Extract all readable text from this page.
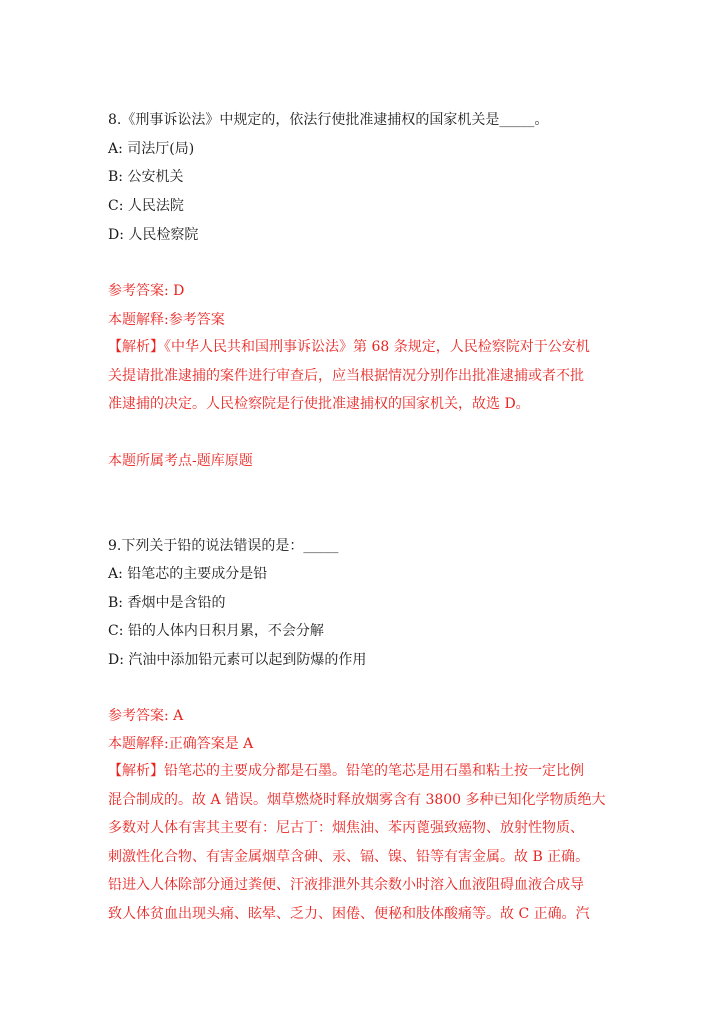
8.《刑事诉讼法》中规定的，依法行使批准逮捕权的国家机关是_____。
A: 司法厅(局)
B: 公安机关
C: 人民法院
D: 人民检察院
参考答案: D
本题解释:参考答案

【解析】《中华人民共和国刑事诉讼法》第 68 条规定，人民检察院对于公安机

关提请批准逮捕的案件进行审查后，应当根据情况分别作出批准逮捕或者不批

准逮捕的决定。人民检察院是行使批准逮捕权的国家机关，故选 D。

本题所属考点-题库原题
9.下列关于铅的说法错误的是：_____
A: 铅笔芯的主要成分是铅
B: 香烟中是含铅的
C: 铅的人体内日积月累，不会分解
D: 汽油中添加铅元素可以起到防爆的作用
参考答案: A
本题解释:正确答案是 A

【解析】铅笔芯的主要成分都是石墨。铅笔的笔芯是用石墨和粘土按一定比例

混合制成的。故 A 错误。烟草燃烧时释放烟雾含有 3800 多种已知化学物质绝大

多数对人体有害其主要有：尼古丁：烟焦油、苯丙蓖强致癌物、放射性物质、

刺激性化合物、有害金属烟草含砷、汞、镉、镍、铅等有害金属。故 B 正确。

铅进入人体除部分通过粪便、汗液排泄外其余数小时溶入血液阻碍血液合成导

致人体贫血出现头痛、眩晕、乏力、困倦、便秘和肢体酸痛等。故 C 正确。汽
